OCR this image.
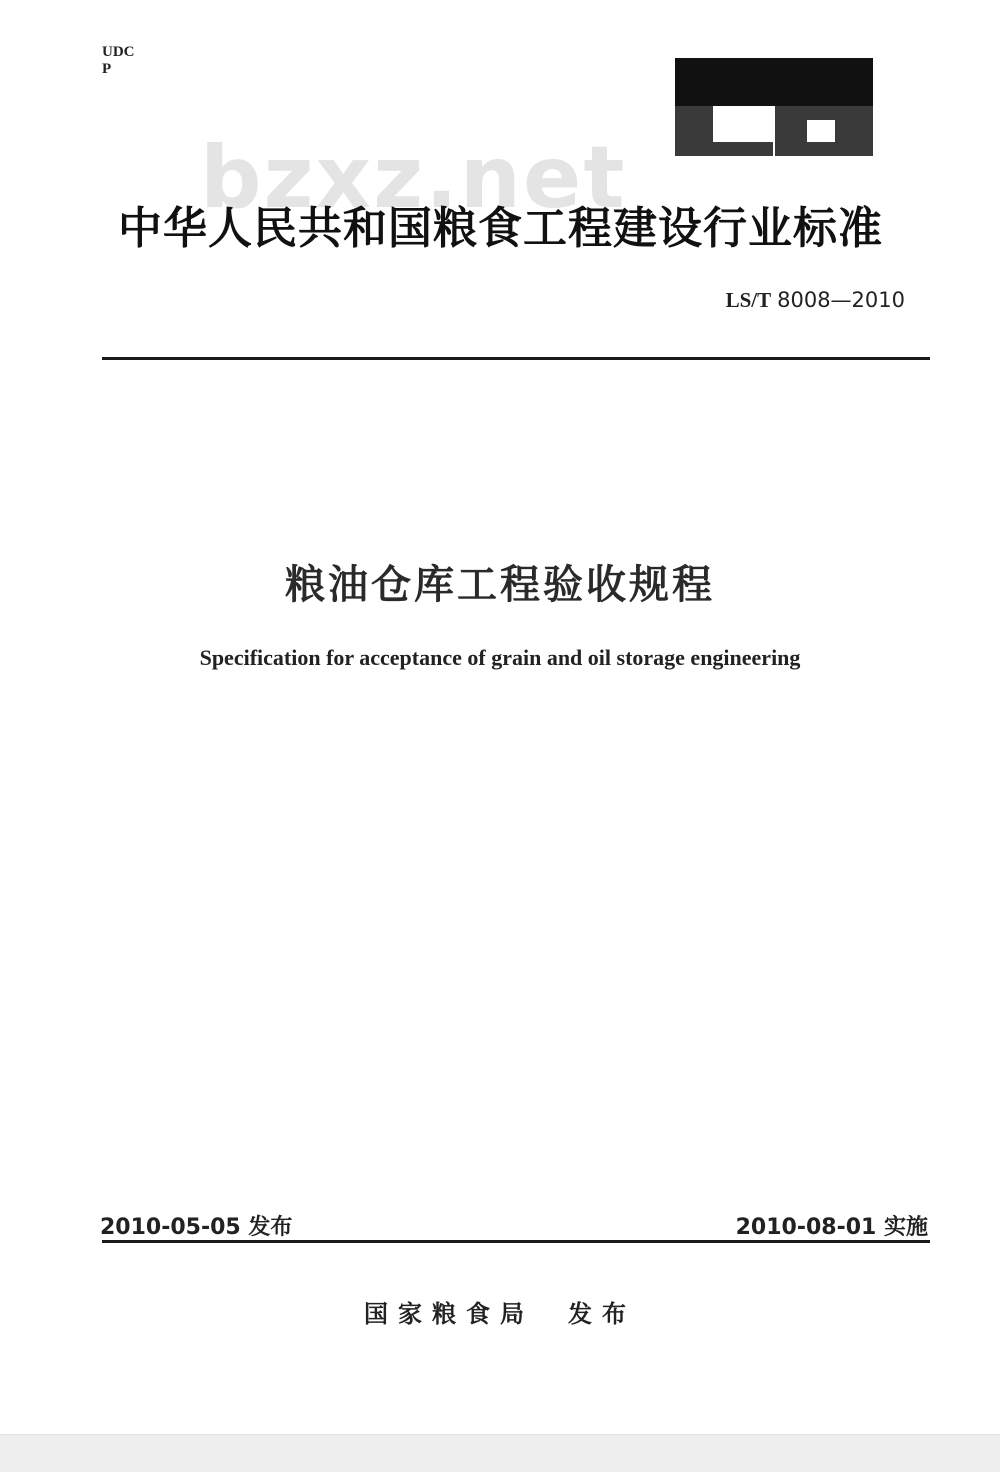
UDC
P
LS
bzxz.net
中华人民共和国粮食工程建设行业标准
LS/T 8008—2010
粮油仓库工程验收规程
Specification for acceptance of grain and oil storage engineering
2010-05-05 发布	2010-08-01 实施
国家粮食局 发布
